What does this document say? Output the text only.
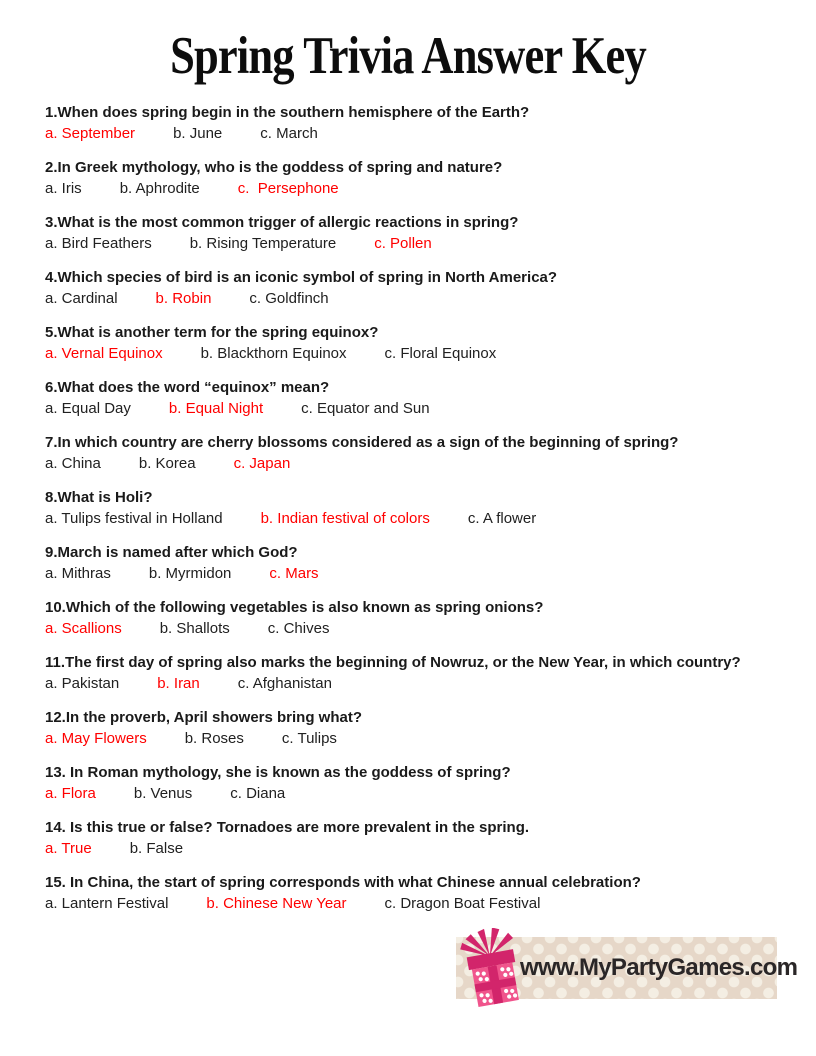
Spring Trivia Answer Key
1.When does spring begin in the southern hemisphere of the Earth?
a. September	b. June	c. March
2.In Greek mythology, who is the goddess of spring and nature?
a. Iris	b. Aphrodite	c.  Persephone
3.What is the most common trigger of allergic reactions in spring?
a. Bird Feathers	b. Rising Temperature	c. Pollen
4.Which species of bird is an iconic symbol of spring in North America?
a. Cardinal	b. Robin	c. Goldfinch
5.What is another term for the spring equinox?
a. Vernal Equinox	b. Blackthorn Equinox	c. Floral Equinox
6.What does the word “equinox” mean?
a. Equal Day	b. Equal Night	c. Equator and Sun
7.In which country are cherry blossoms considered as a sign of the beginning of spring?
a. China	b. Korea	c. Japan
8.What is Holi?
a. Tulips festival in Holland	b. Indian festival of colors	c. A flower
9.March is named after which God?
a. Mithras	b. Myrmidon	c. Mars
10.Which of the following vegetables is also known as spring onions?
a. Scallions	b. Shallots	c. Chives
11.The first day of spring also marks the beginning of Nowruz, or the New Year, in which country?
a. Pakistan	b. Iran	c. Afghanistan
12.In the proverb, April showers bring what?
a. May Flowers	b. Roses	c. Tulips
13. In Roman mythology, she is known as the goddess of spring?
a. Flora	b. Venus	c. Diana
14. Is this true or false? Tornadoes are more prevalent in the spring.
a. True	b. False
15. In China, the start of spring corresponds with what Chinese annual celebration?
a. Lantern Festival	b. Chinese New Year	c. Dragon Boat Festival
www.MyPartyGames.com
